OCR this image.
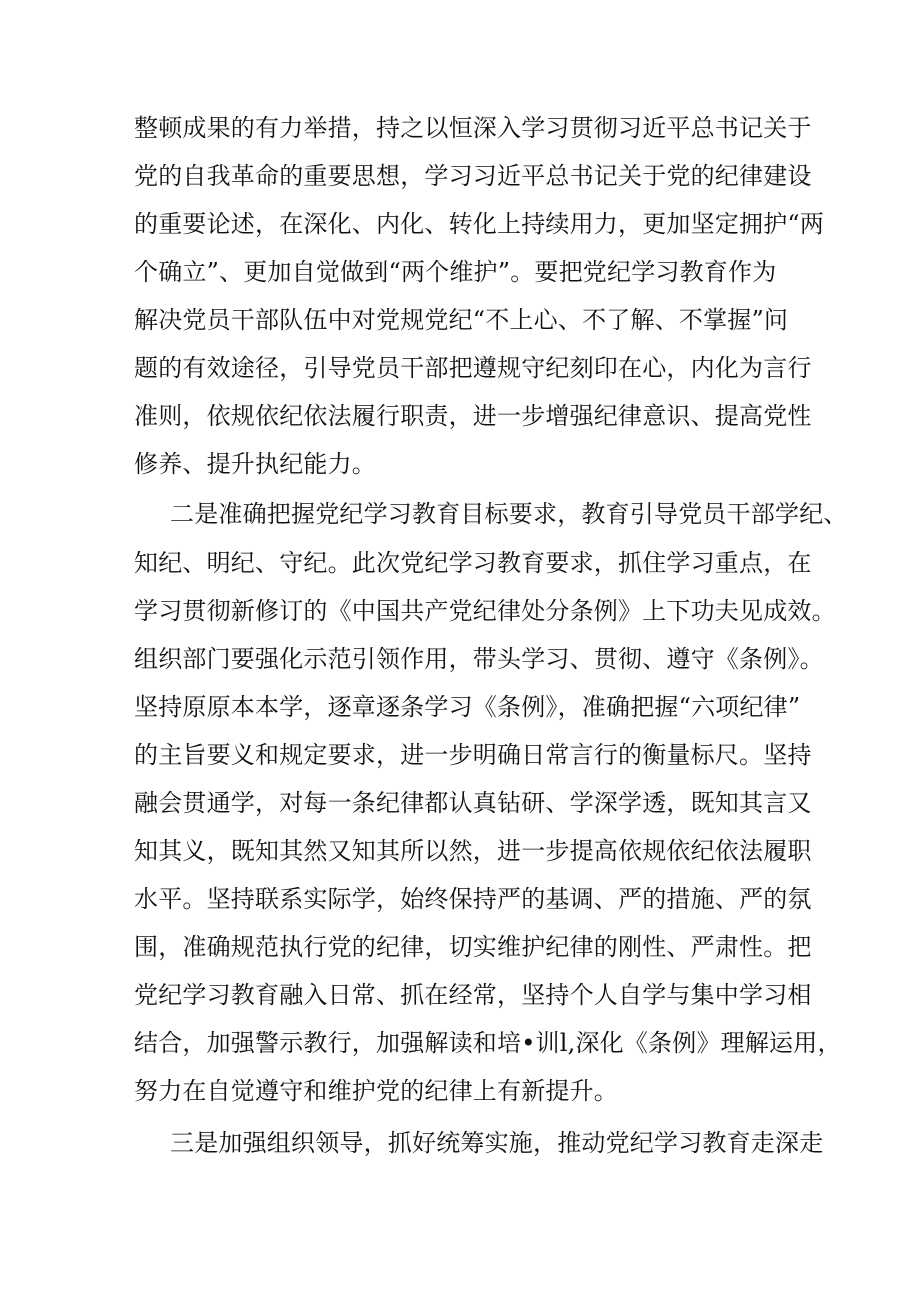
整顿成果的有力举措，持之以恒深入学习贯彻习近平总书记关于
党的自我革命的重要思想，学习习近平总书记关于党的纪律建设
的重要论述，在深化、内化、转化上持续用力，更加坚定拥护“两
个确立”、更加自觉做到“两个维护”。要把党纪学习教育作为
解决党员干部队伍中对党规党纪“不上心、不了解、不掌握”问
题的有效途径，引导党员干部把遵规守纪刻印在心，内化为言行
准则，依规依纪依法履行职责，进一步增强纪律意识、提高党性
修养、提升执纪能力。
二是准确把握党纪学习教育目标要求，教育引导党员干部学纪、
知纪、明纪、守纪。此次党纪学习教育要求，抓住学习重点，在
学习贯彻新修订的《中国共产党纪律处分条例》上下功夫见成效。
组织部门要强化示范引领作用，带头学习、贯彻、遵守《条例》。
坚持原原本本学，逐章逐条学习《条例》，准确把握“六项纪律”
的主旨要义和规定要求，进一步明确日常言行的衡量标尺。坚持
融会贯通学，对每一条纪律都认真钻研、学深学透，既知其言又
知其义，既知其然又知其所以然，进一步提高依规依纪依法履职
水平。坚持联系实际学，始终保持严的基调、严的措施、严的氛
围，准确规范执行党的纪律，切实维护纪律的刚性、严肃性。把
党纪学习教育融入日常、抓在经常，坚持个人自学与集中学习相
结合，加强警示教行，加强解读和培•训l,深化《条例》理解运用，
努力在自觉遵守和维护党的纪律上有新提升。
三是加强组织领导，抓好统筹实施，推动党纪学习教育走深走
